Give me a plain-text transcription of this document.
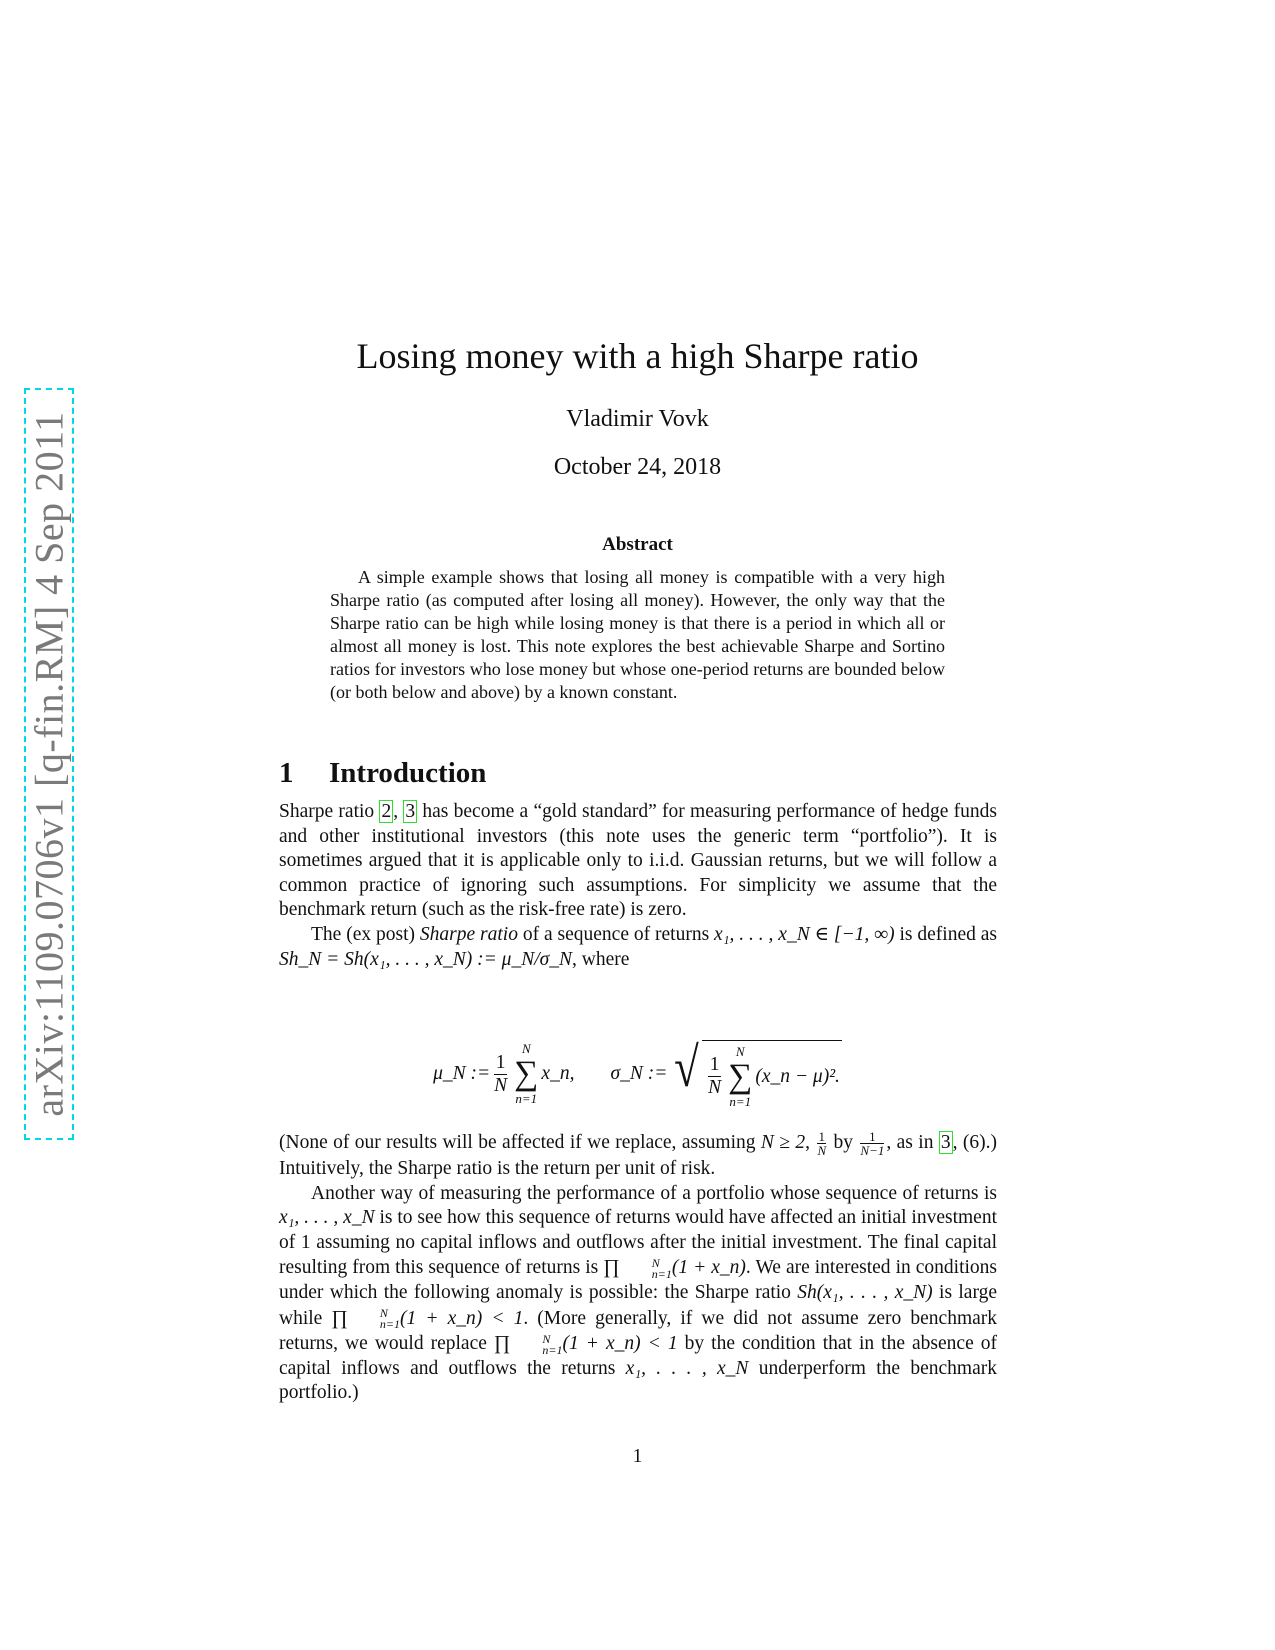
arXiv:1109.0706v1 [q-fin.RM] 4 Sep 2011
Losing money with a high Sharpe ratio
Vladimir Vovk
October 24, 2018
Abstract
A simple example shows that losing all money is compatible with a very high Sharpe ratio (as computed after losing all money). However, the only way that the Sharpe ratio can be high while losing money is that there is a period in which all or almost all money is lost. This note explores the best achievable Sharpe and Sortino ratios for investors who lose money but whose one-period returns are bounded below (or both below and above) by a known constant.
1 Introduction

Sharpe ratio 2 , 3 has become a “gold standard” for measuring performance of hedge funds and other institutional investors (this note uses the generic term “portfolio”). It is sometimes argued that it is applicable only to i.i.d. Gaussian returns, but we will follow a common practice of ignoring such assumptions. For simplicity we assume that the benchmark return (such as the risk-free rate) is zero.

The (ex post) Sharpe ratio of a sequence of returns x₁, . . . , x_N ∈ [−1, ∞) is defined as Sh_N = Sh(x₁, . . . , x_N) := μ_N/σ_N, where

μ_N := $\frac{1}{N}$
N
∑
n=1
x_n, σ_N := √ $\frac{1}{N}$
N
∑
n=1
(x_n − μ)².

(None of our results will be affected if we replace, assuming N ≥ 2, $\frac{1}{N}$ by $\frac{1}{N-1}$ , as in 3 , (6).) Intuitively, the Sharpe ratio is the return per unit of risk.

Another way of measuring the performance of a portfolio whose sequence of returns is x₁, . . . , x_N is to see how this sequence of returns would have affected an initial investment of 1 assuming no capital inflows and outflows after the initial investment. The final capital resulting from this sequence of returns is ∏	N
n=1 (1 + x_n). We are interested in conditions under which the following anomaly is possible: the Sharpe ratio Sh(x₁, . . . , x_N) is large while ∏	N
n=1 (1 + x_n) < 1. (More generally, if we did not assume zero benchmark returns, we would replace ∏	N
n=1 (1 + x_n) < 1 by the condition that in the absence of capital inflows and outflows the returns x₁, . . . , x_N underperform the benchmark portfolio.)

1
